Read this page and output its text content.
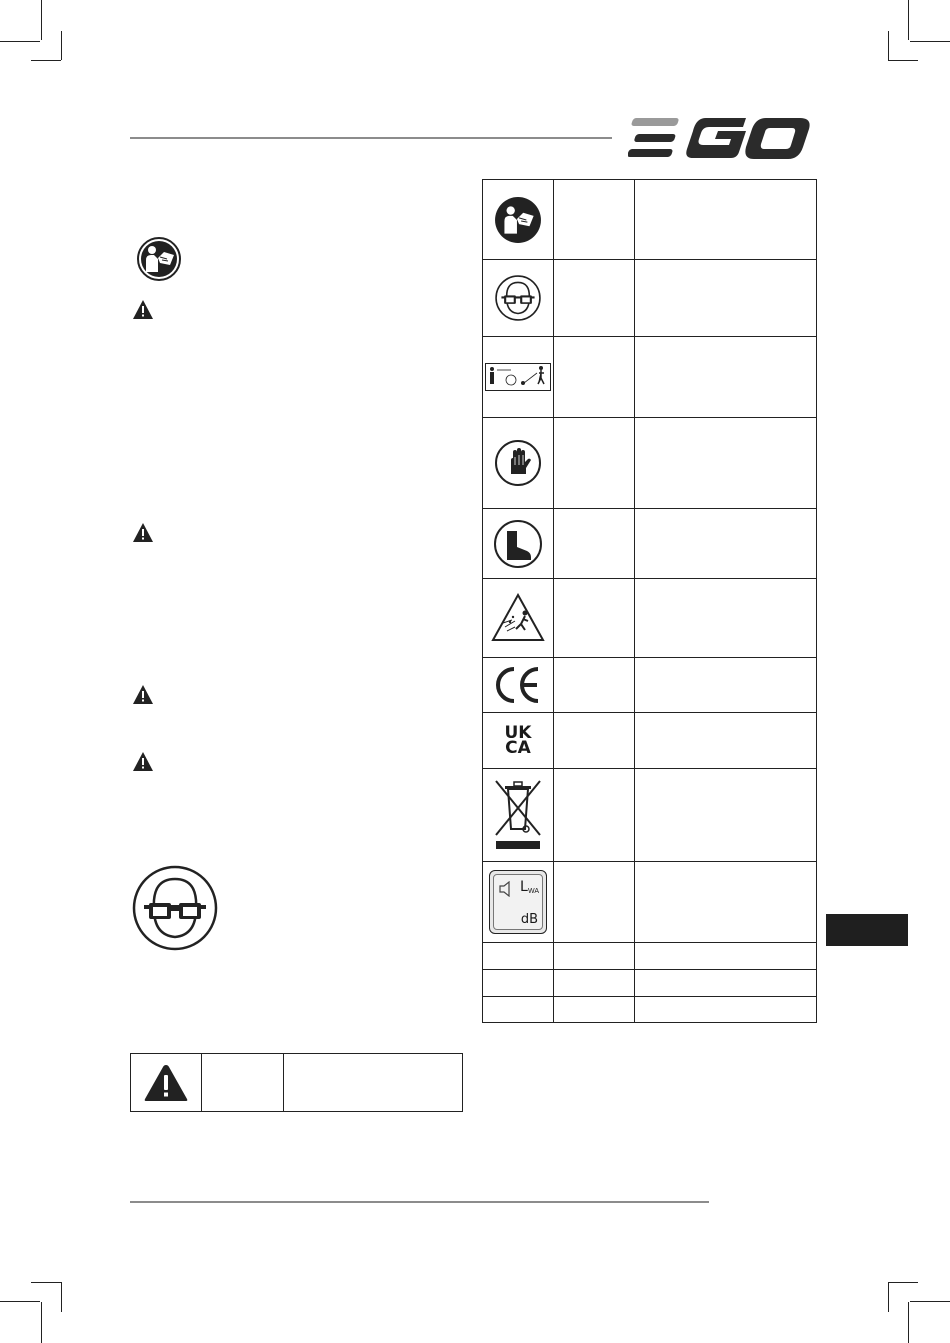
UK
CA		

L WA
dB		
